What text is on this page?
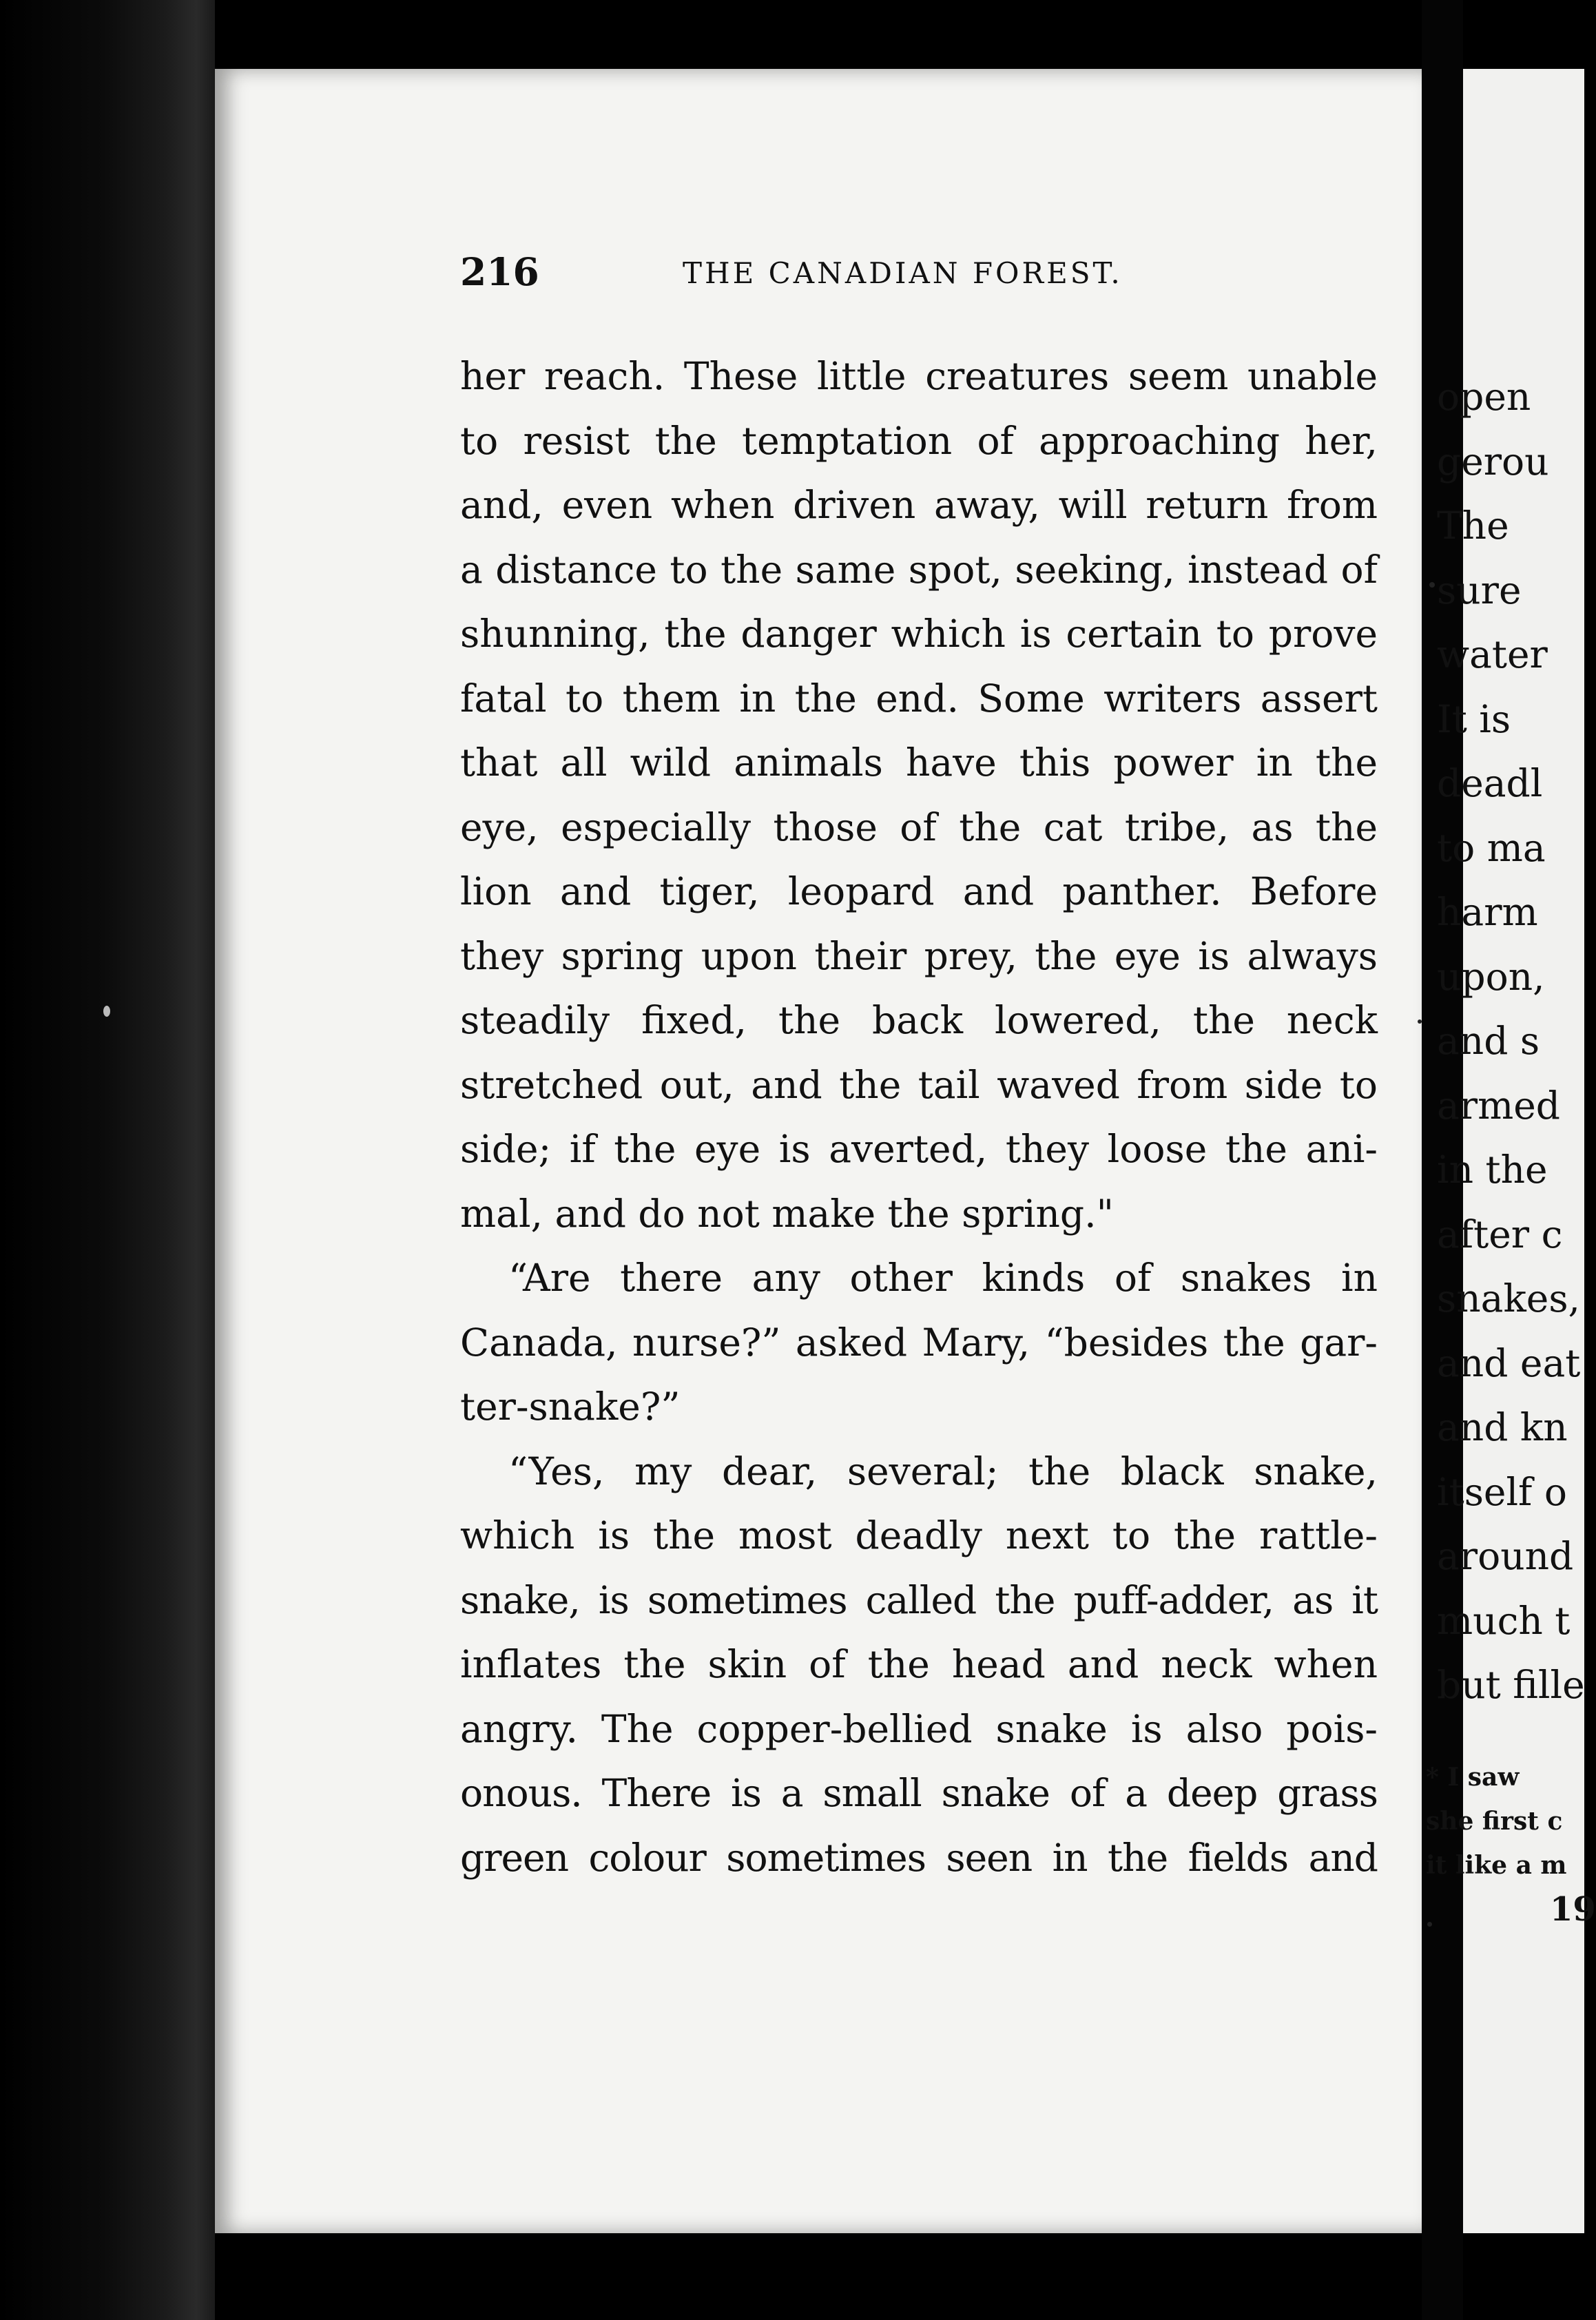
216	THE CANADIAN FOREST.
her reach. These little creatures seem unable
to resist the temptation of approaching her,
and, even when driven away, will return from
a distance to the same spot, seeking, instead of
shunning, the danger which is certain to prove
fatal to them in the end. Some writers assert
that all wild animals have this power in the
eye, especially those of the cat tribe, as the
lion and tiger, leopard and panther. Before
they spring upon their prey, the eye is always
steadily fixed, the back lowered, the neck
stretched out, and the tail waved from side to
side; if the eye is averted, they loose the ani-
mal, and do not make the spring."
“Are there any other kinds of snakes in
Canada, nurse?” asked Mary, “besides the gar-
ter-snake?”
“Yes, my dear, several; the black snake,
which is the most deadly next to the rattle-
snake, is sometimes called the puff-adder, as it
inflates the skin of the head and neck when
angry. The copper-bellied snake is also pois-
onous. There is a small snake of a deep grass
green colour sometimes seen in the fields and
open
gerou
The
sure
water
It is
deadl
to ma
harm
upon,
and s
armed
in the
after c
snakes,
and eat
and kn
itself o
around
much t
but fille
* I saw
she first c
it like a m
19
